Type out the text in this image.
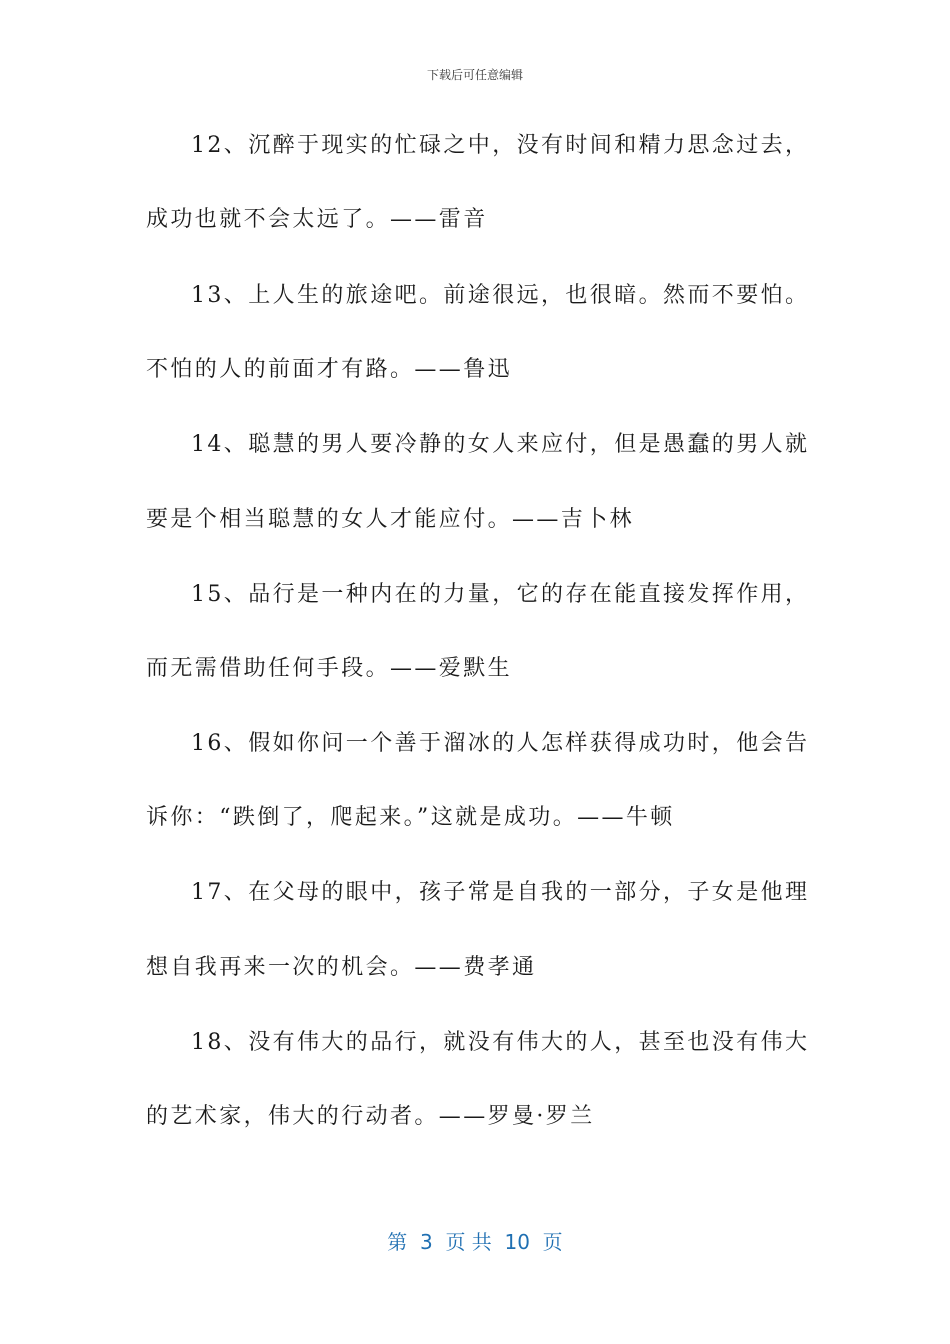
下载后可任意编辑
12、沉醉于现实的忙碌之中，没有时间和精力思念过去，
成功也就不会太远了。——雷音
13、上人生的旅途吧。前途很远，也很暗。然而不要怕。
不怕的人的前面才有路。——鲁迅
14、聪慧的男人要冷静的女人来应付，但是愚蠢的男人就
要是个相当聪慧的女人才能应付。——吉卜林
15、品行是一种内在的力量，它的存在能直接发挥作用，
而无需借助任何手段。——爱默生
16、假如你问一个善于溜冰的人怎样获得成功时，他会告
诉你：“跌倒了，爬起来。”这就是成功。——牛顿
17、在父母的眼中，孩子常是自我的一部分，子女是他理
想自我再来一次的机会。——费孝通
18、没有伟大的品行，就没有伟大的人，甚至也没有伟大
的艺术家，伟大的行动者。——罗曼·罗兰
第  3  页 共  10  页
